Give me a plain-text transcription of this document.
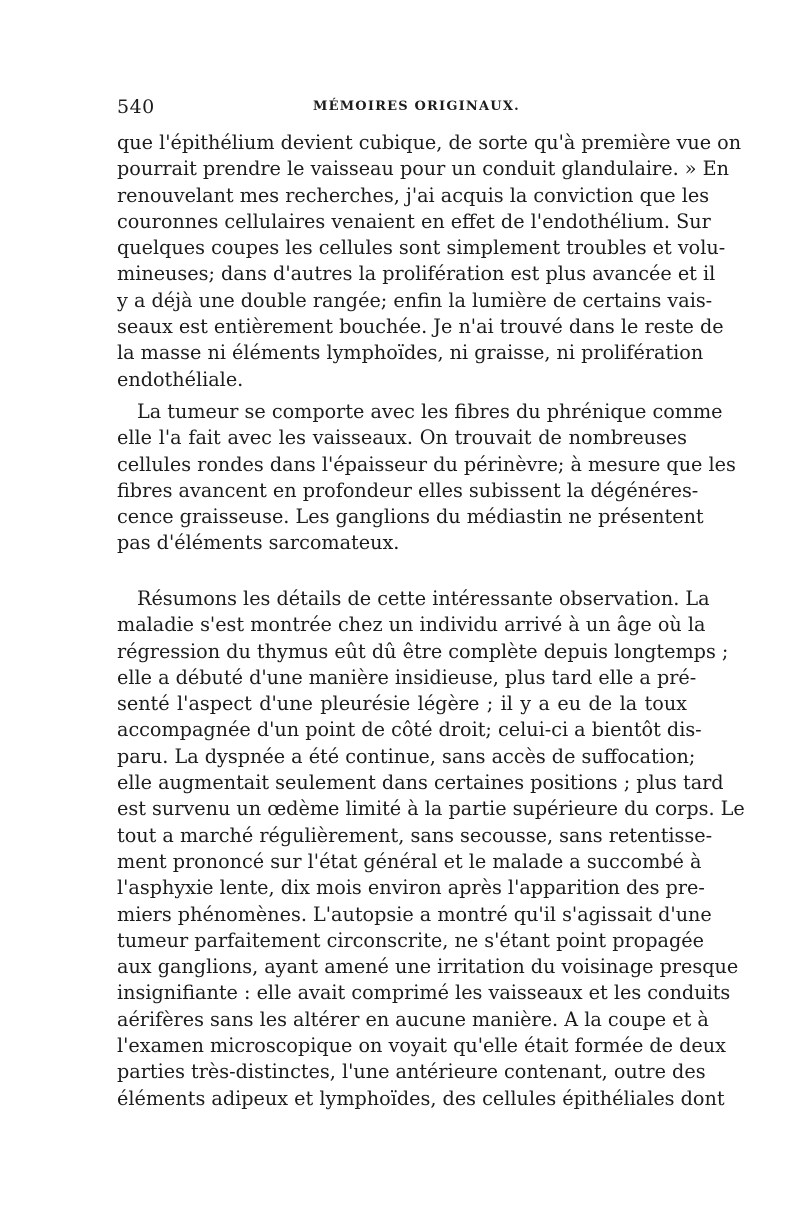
540	MÉMOIRES ORIGINAUX.
que l'épithélium devient cubique, de sorte qu'à première vue on
pourrait prendre le vaisseau pour un conduit glandulaire. » En
renouvelant mes recherches, j'ai acquis la conviction que les
couronnes cellulaires venaient en effet de l'endothélium. Sur
quelques coupes les cellules sont simplement troubles et volu-
mineuses; dans d'autres la prolifération est plus avancée et il
y a déjà une double rangée; enfin la lumière de certains vais-
seaux est entièrement bouchée. Je n'ai trouvé dans le reste de
la masse ni éléments lymphoïdes, ni graisse, ni prolifération
endothéliale.
La tumeur se comporte avec les fibres du phrénique comme
elle l'a fait avec les vaisseaux. On trouvait de nombreuses
cellules rondes dans l'épaisseur du périnèvre; à mesure que les
fibres avancent en profondeur elles subissent la dégénéres-
cence graisseuse. Les ganglions du médiastin ne présentent
pas d'éléments sarcomateux.
Résumons les détails de cette intéressante observation. La
maladie s'est montrée chez un individu arrivé à un âge où la
régression du thymus eût dû être complète depuis longtemps ;
elle a débuté d'une manière insidieuse, plus tard elle a pré-
senté l'aspect d'une pleurésie légère ; il y a eu de la toux
accompagnée d'un point de côté droit; celui-ci a bientôt dis-
paru. La dyspnée a été continue, sans accès de suffocation;
elle augmentait seulement dans certaines positions ; plus tard
est survenu un œdème limité à la partie supérieure du corps. Le
tout a marché régulièrement, sans secousse, sans retentisse-
ment prononcé sur l'état général et le malade a succombé à
l'asphyxie lente, dix mois environ après l'apparition des pre-
miers phénomènes. L'autopsie a montré qu'il s'agissait d'une
tumeur parfaitement circonscrite, ne s'étant point propagée
aux ganglions, ayant amené une irritation du voisinage presque
insignifiante : elle avait comprimé les vaisseaux et les conduits
aérifères sans les altérer en aucune manière. A la coupe et à
l'examen microscopique on voyait qu'elle était formée de deux
parties très-distinctes, l'une antérieure contenant, outre des
éléments adipeux et lymphoïdes, des cellules épithéliales dont
